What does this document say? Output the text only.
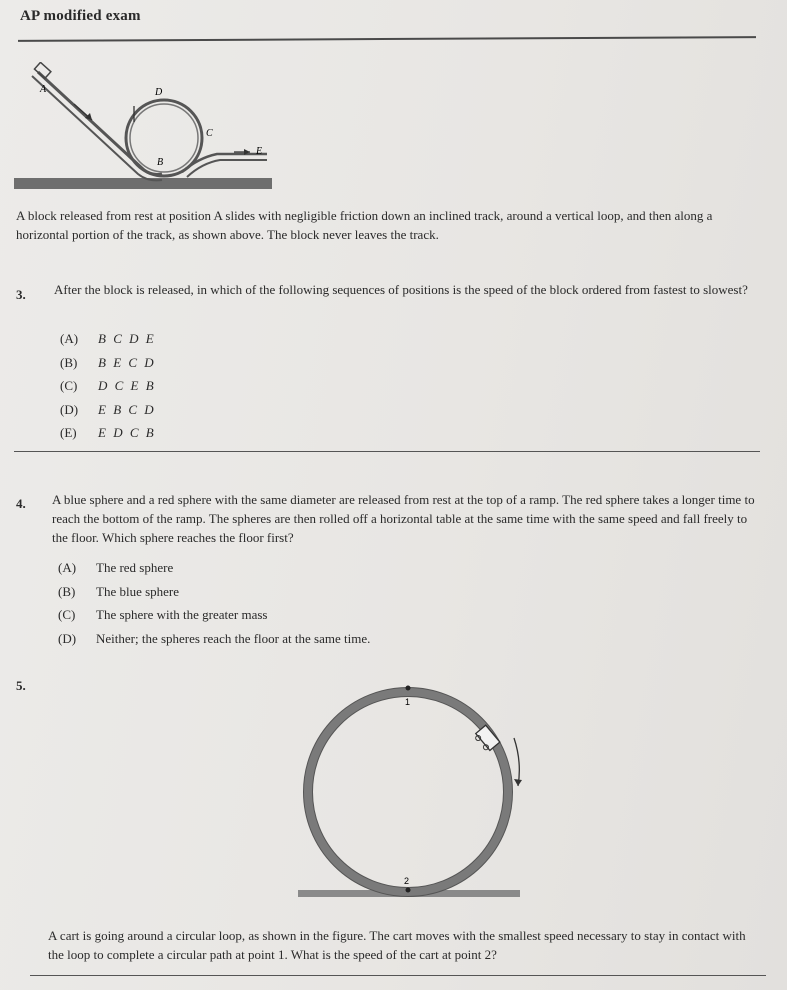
AP modified exam
A
B
C
D
E
A block released from rest at position A slides with negligible friction down an inclined track, around a vertical loop, and then along a horizontal portion of the track, as shown above. The block never leaves the track.
3. After the block is released, in which of the following sequences of positions is the speed of the block ordered from fastest to slowest?
(A) B C D E
(B) B E C D
(C) D C E B
(D) E B C D
(E) E D C B
4. A blue sphere and a red sphere with the same diameter are released from rest at the top of a ramp. The red sphere takes a longer time to reach the bottom of the ramp. The spheres are then rolled off a horizontal table at the same time with the same speed and fall freely to the floor. Which sphere reaches the floor first?
(A) The red sphere
(B) The blue sphere
(C) The sphere with the greater mass
(D) Neither; the spheres reach the floor at the same time.
5.
1
2
A cart is going around a circular loop, as shown in the figure. The cart moves with the smallest speed necessary to stay in contact with the loop to complete a circular path at point 1. What is the speed of the cart at point 2?
